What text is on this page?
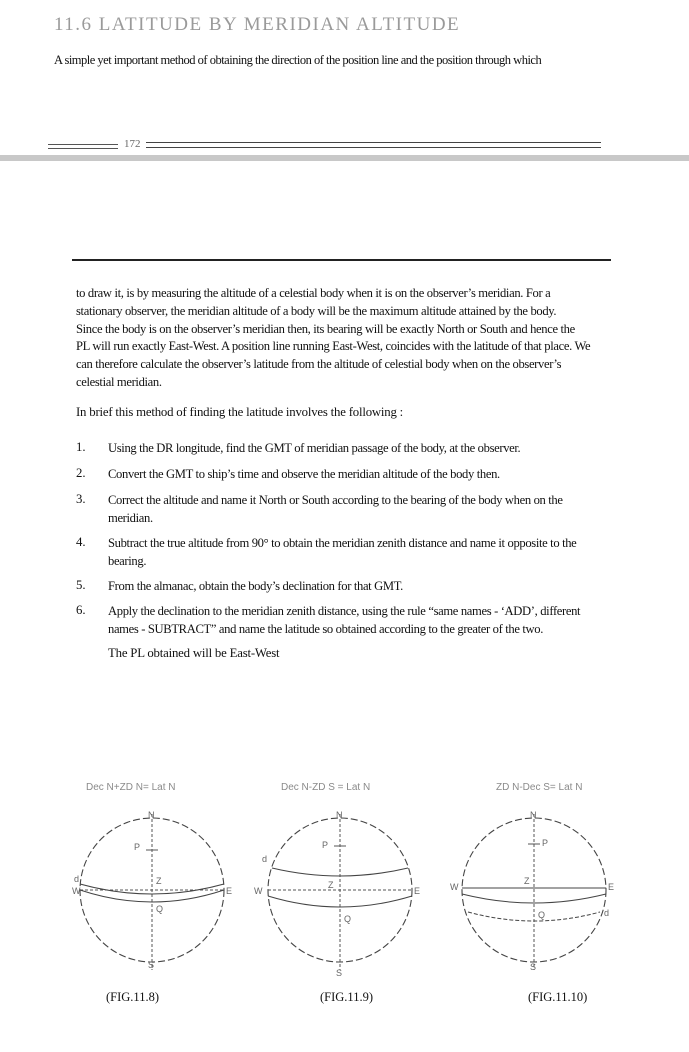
11.6 LATITUDE BY MERIDIAN ALTITUDE
A simple yet important method of obtaining the direction of the position line and the position through which
172
to draw it, is by measuring the altitude of a celestial body when it is on the observer’s meridian. For a
stationary observer, the meridian altitude of a body will be the maximum altitude attained by the body.
Since the body is on the observer’s meridian then, its bearing will be exactly North or South and hence the
PL will run exactly East-West. A position line running East-West, coincides with the latitude of that place. We
can therefore calculate the observer’s latitude from the altitude of celestial body when on the observer’s
celestial meridian.
In brief this method of finding the latitude involves the following :
1. Using the DR longitude, find the GMT of meridian passage of the body, at the observer.
2. Convert the GMT to ship’s time and observe the meridian altitude of the body then.
3. Correct the altitude and name it North or South according to the bearing of the body when on the
meridian.
4. Subtract the true altitude from 90° to obtain the meridian zenith distance and name it opposite to the
bearing.
5. From the almanac, obtain the body’s declination for that GMT.
6. Apply the declination to the meridian zenith distance, using the rule “same names - ‘ADD’, different
names - SUBTRACT” and name the latitude so obtained according to the greater of the two.
The PL obtained will be East-West
Dec N+ZD N= Lat N	Dec N-ZD S = Lat N	ZD N-Dec S= Lat N
N
P
W	E
d	Z
Q
S
N
P
W	E
d
Z
Q
S
N
P
W	E
d
Z
Q
S
(FIG.11.8)	(FIG.11.9)	(FIG.11.10)
